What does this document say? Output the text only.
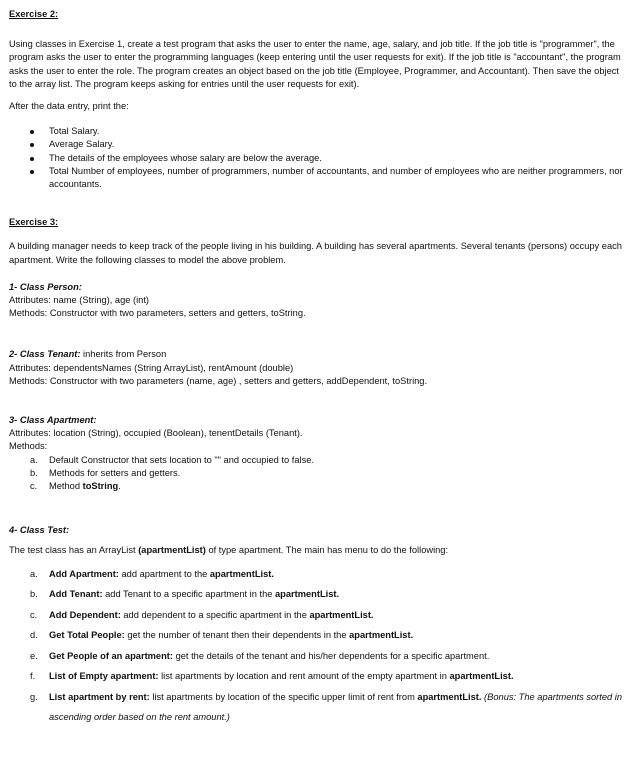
Exercise 2:

Using classes in Exercise 1, create a test program that asks the user to enter the name, age, salary, and job title. If the job title is "programmer", the program asks the user to enter the programming languages (keep entering until the user requests for exit). If the job title is "accountant", the program asks the user to enter the role. The program creates an object based on the job title (Employee, Programmer, and Accountant). Then save the object to the array list. The program keeps asking for entries until the user requests for exit).

After the data entry, print the:

Total Salary.
Average Salary.
The details of the employees whose salary are below the average.
Total Number of employees, number of programmers, number of accountants, and number of employees who are neither programmers, nor accountants.

Exercise 3:

A building manager needs to keep track of the people living in his building. A building has several apartments. Several tenants (persons) occupy each apartment. Write the following classes to model the above problem.

1- Class Person:

Attributes: name (String), age (int)

Methods: Constructor with two parameters, setters and getters, toString.

2- Class Tenant: inherits from Person

Attributes: dependentsNames (String ArrayList), rentAmount (double)

Methods: Constructor with two parameters (name, age) , setters and getters, addDependent, toString.

3- Class Apartment:

Attributes: location (String), occupied (Boolean), tenentDetails (Tenant).

Methods:

a. Default Constructor that sets location to "" and occupied to false.
b. Methods for setters and getters.
c. Method toString.

4- Class Test:

The test class has an ArrayList (apartmentList) of type apartment. The main has menu to do the following:

a. Add Apartment: add apartment to the apartmentList.
b. Add Tenant: add Tenant to a specific apartment in the apartmentList.
c. Add Dependent: add dependent to a specific apartment in the apartmentList.
d. Get Total People: get the number of tenant then their dependents in the apartmentList.
e. Get People of an apartment: get the details of the tenant and his/her dependents for a specific apartment.
f. List of Empty apartment: list apartments by location and rent amount of the empty apartment in apartmentList.
g. List apartment by rent: list apartments by location of the specific upper limit of rent from apartmentList. (Bonus: The apartments sorted in ascending order based on the rent amount.)
